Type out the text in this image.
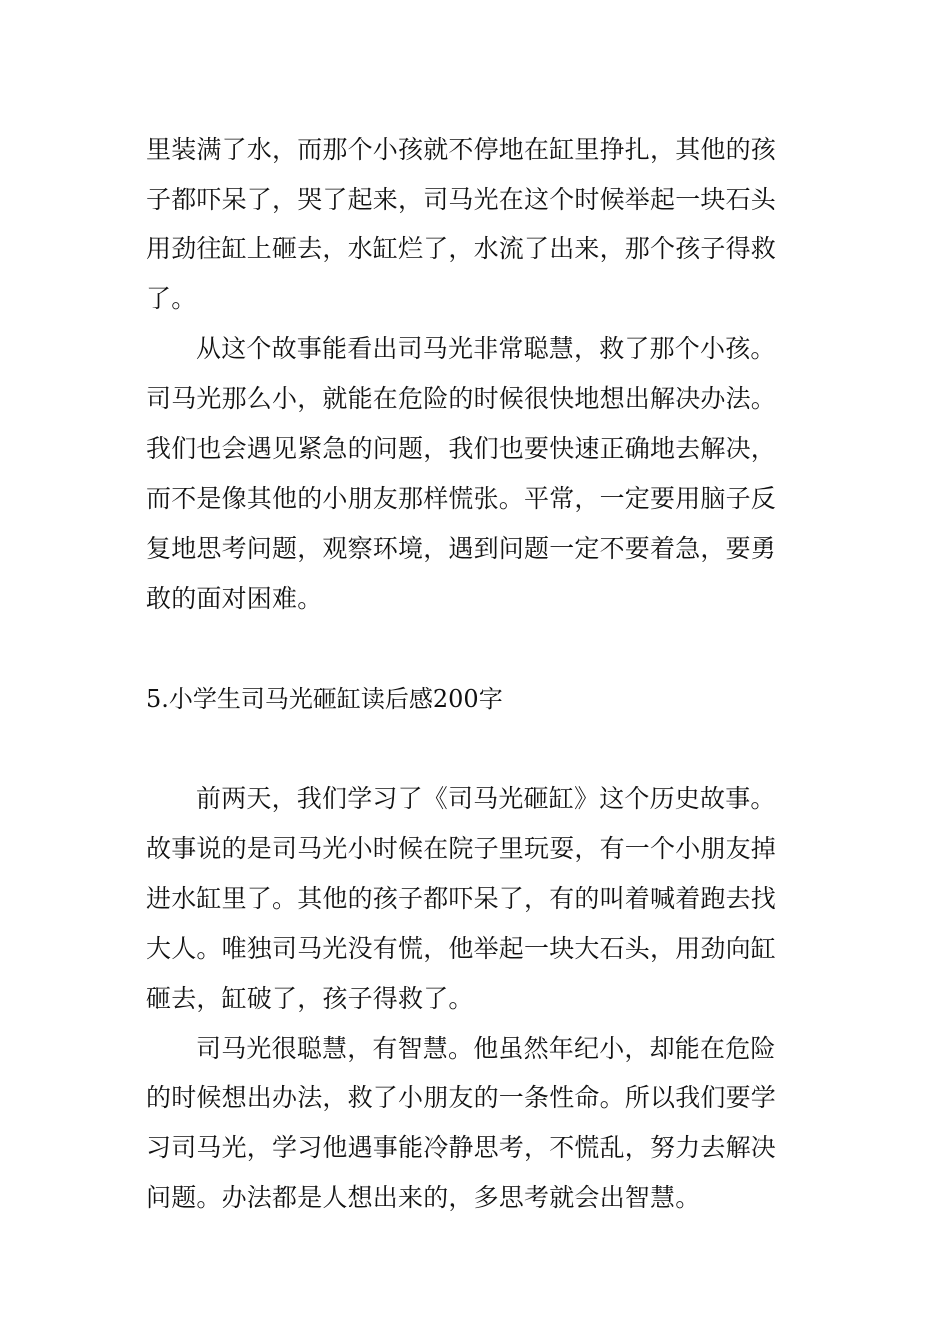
里装满了水，而那个小孩就不停地在缸里挣扎，其他的孩
子都吓呆了，哭了起来，司马光在这个时候举起一块石头
用劲往缸上砸去，水缸烂了，水流了出来，那个孩子得救
了。
从这个故事能看出司马光非常聪慧，救了那个小孩。
司马光那么小，就能在危险的时候很快地想出解决办法。
我们也会遇见紧急的问题，我们也要快速正确地去解决，
而不是像其他的小朋友那样慌张。平常，一定要用脑子反
复地思考问题，观察环境，遇到问题一定不要着急，要勇
敢的面对困难。
5.小学生司马光砸缸读后感200字
前两天，我们学习了《司马光砸缸》这个历史故事。
故事说的是司马光小时候在院子里玩耍，有一个小朋友掉
进水缸里了。其他的孩子都吓呆了，有的叫着喊着跑去找
大人。唯独司马光没有慌，他举起一块大石头，用劲向缸
砸去，缸破了，孩子得救了。
司马光很聪慧，有智慧。他虽然年纪小，却能在危险
的时候想出办法，救了小朋友的一条性命。所以我们要学
习司马光，学习他遇事能冷静思考，不慌乱，努力去解决
问题。办法都是人想出来的，多思考就会出智慧。
